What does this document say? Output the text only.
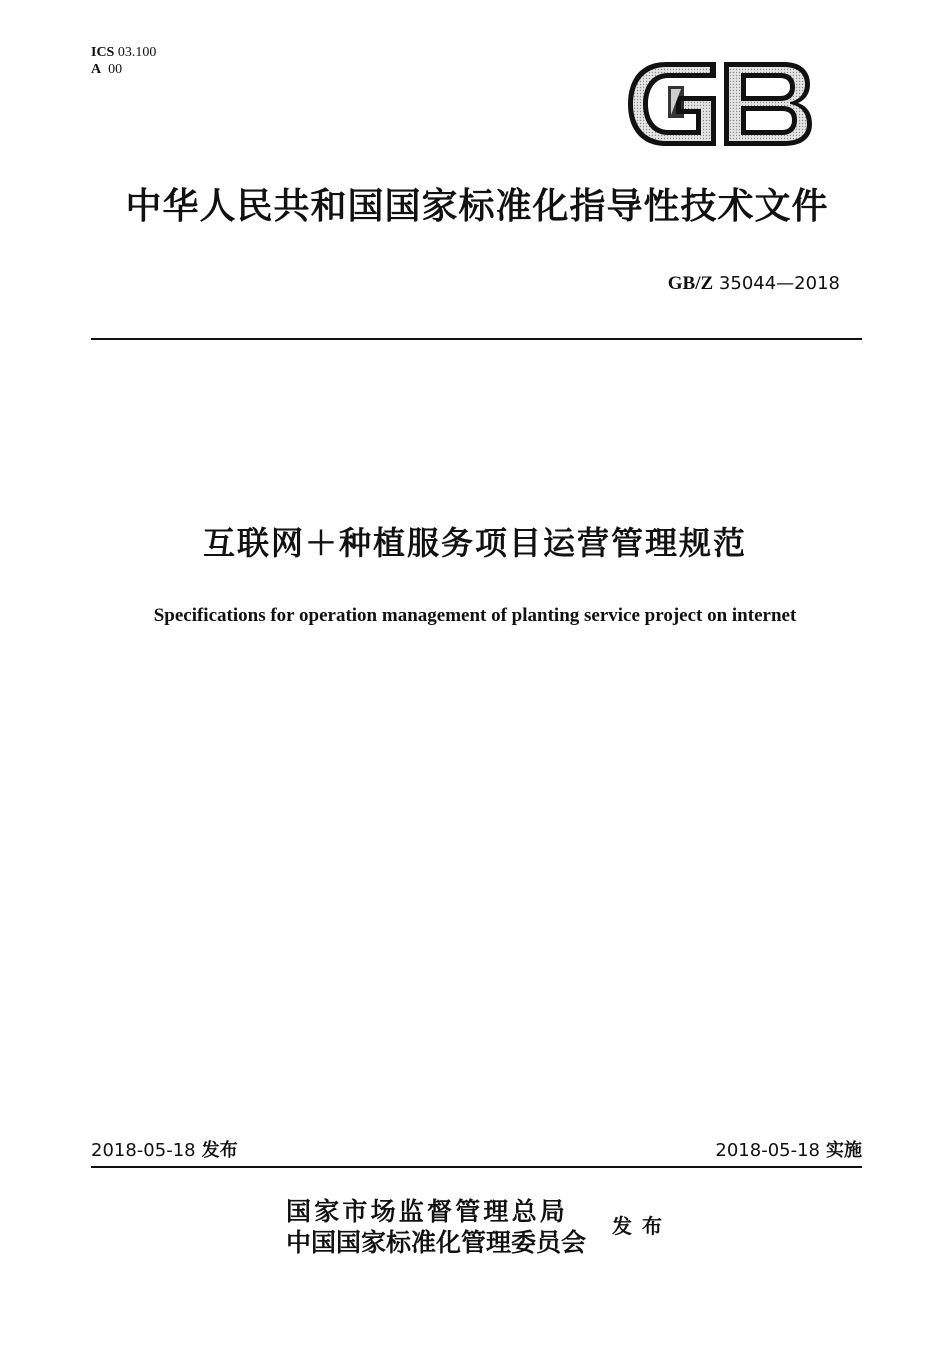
ICS 03.100
A 00
中华人民共和国国家标准化指导性技术文件
GB/Z 35044—2018
互联网＋种植服务项目运营管理规范
Specifications for operation management of planting service project on internet
2018-05-18 发布	2018-05-18 实施
国家市场监督管理总局
中国国家标准化管理委员会
发布
